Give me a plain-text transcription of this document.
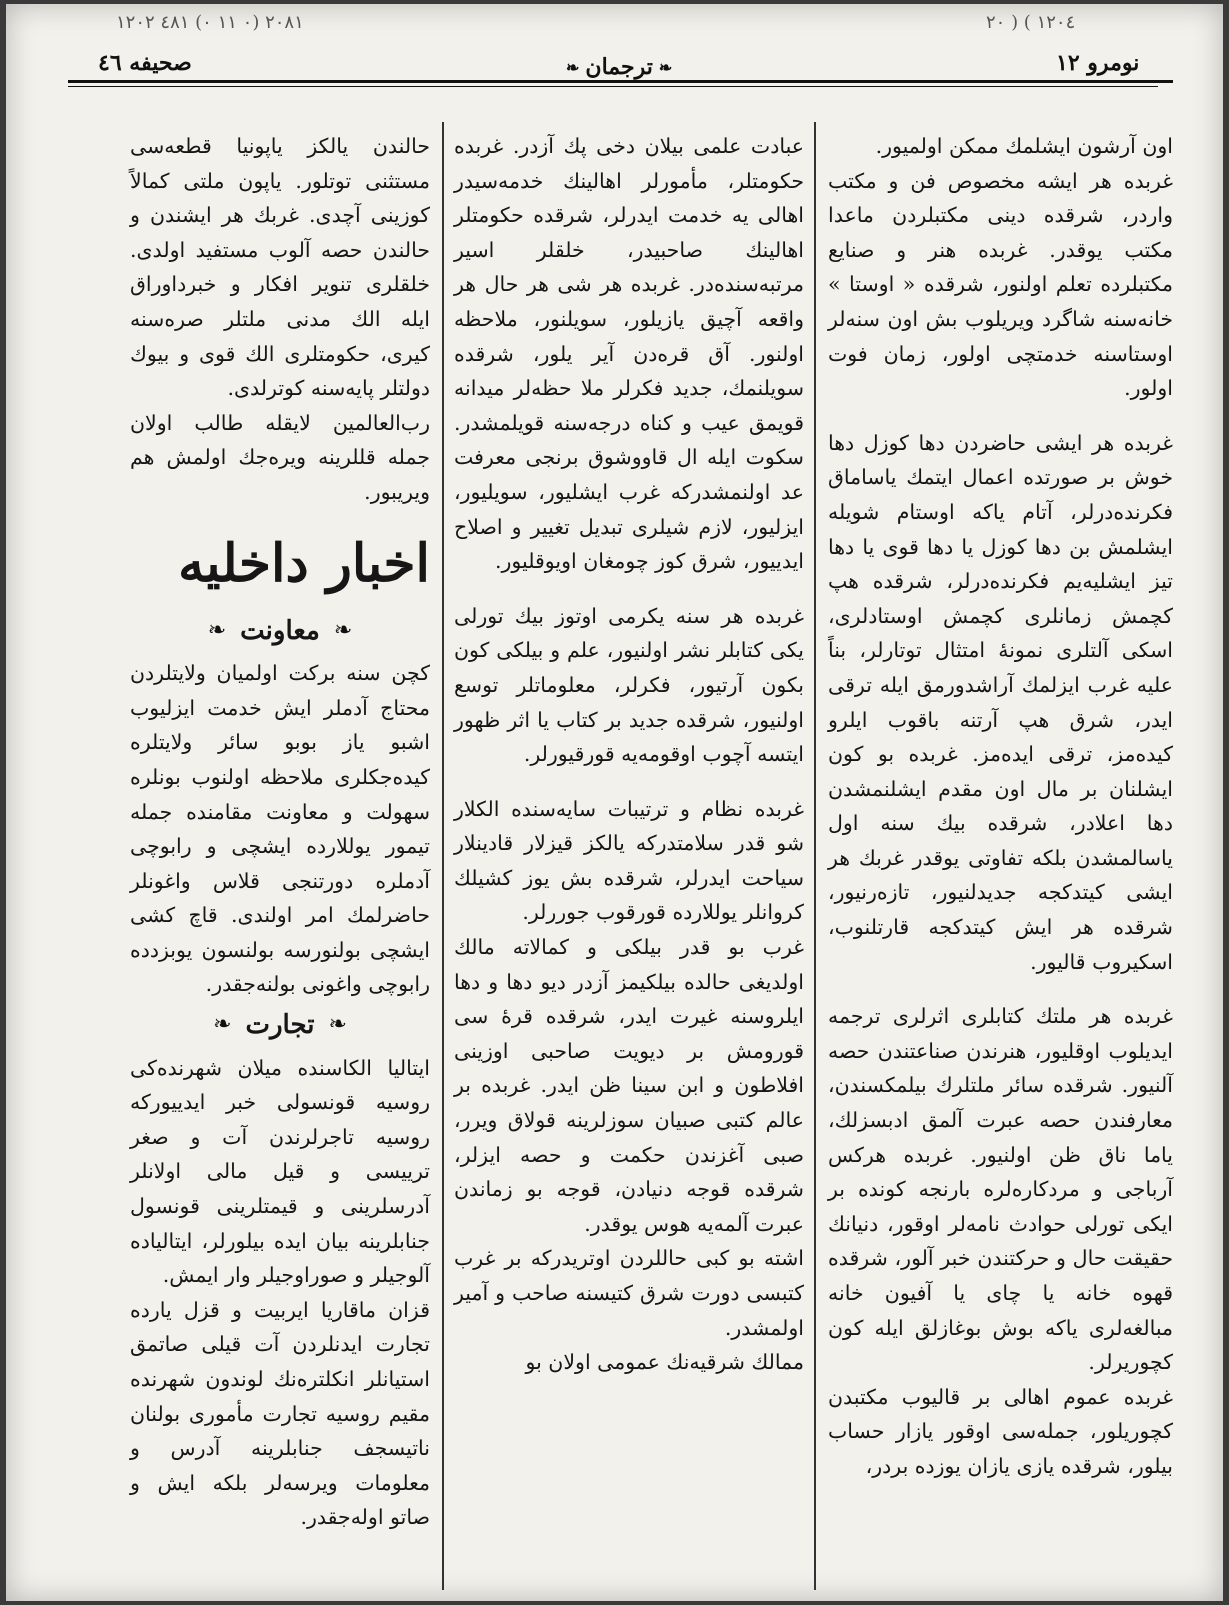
٢٠٨١ (٠ ١١ ٠) ٤٨١ ١٢٠٢	١٢٠٤ ) ( ٢٠
صحيفه ٤٦	❧
ترجمان
❧	نومرو ١٢

اون آرشون ایشلمك ممكن اولمیور.

غربده هر ایشه مخصوص فن و مكتب واردر، شرقده دینی مكتبلردن ماعدا مكتب یوقدر. غربده هنر و صنایع مكتبلرده تعلم اولنور، شرقده « اوستا » خانه‌سنه شاگرد ویریلوب بش اون سنه‌لر اوستاسنه خدمتچی اولور، زمان فوت اولور.

غربده هر ایشی حاضردن دها كوزل دها خوش بر صورتده اعمال ایتمك یاساماق فكرنده‌درلر، آتام یاكه اوستام شویله ایشلمش بن دها كوزل یا دها قوی یا دها تیز ایشلیه‌یم فكرنده‌درلر، شرقده هپ كچمش زمانلری كچمش اوستادلری، اسكی آلتلری نمونهٔ امتثال توتارلر، بناً علیه غرب ایزلمك آراشدورمق ایله ترقی ایدر، شرق هپ آرتنه باقوب ایلرو كیده‌مز، ترقی ایده‌مز. غربده بو كون ایشلنان بر مال اون مقدم ایشلنمشدن دها اعلادر، شرقده بیك سنه اول یاسالمشدن بلكه تفاوتی یوقدر غربك هر ایشی كیتدكجه جدیدلنیور، تازه‌رنیور، شرقده هر ایش كیتدكجه قارتلنوب، اسكیروب قالیور.

غربده هر ملتك كتابلری اثرلری ترجمه ایدیلوب اوقلیور، هنرندن صناعتندن حصه آلنیور. شرقده سائر ملتلرك بیلمكسندن، معارفندن حصه عبرت آلمق ادبسزلك، یاما ناق ظن اولنیور. غربده هركس آرباجی و مردكاره‌لره بارنجه كونده بر ایكی تورلی حوادث نامه‌لر اوقور، دنیانك حقیقت حال و حركتندن خبر آلور، شرقده قهوه خانه یا چای یا آفیون خانه مبالغه‌لری یاكه بوش بوغازلق ایله كون كچوریرلر.

غربده عموم اهالی بر قالیوب مكتبدن كچوریلور، جمله‌سی اوقور یازار حساب بیلور، شرقده یازی یازان یوزده بردر،

عبادت علمی بیلان دخی پك آزدر. غربده حكومتلر، مأمورلر اهالینك خدمه‌سیدر اهالی یه خدمت ایدرلر، شرقده حكومتلر اهالینك صاحبیدر، خلقلر اسیر مرتبه‌سنده‌در. غربده هر شی هر حال هر واقعه آچیق یازیلور، سویلنور، ملاحظه اولنور. آق قره‌دن آیر یلور، شرقده سویلنمك، جدید فكرلر ملا حظه‌لر میدانه قویمق عیب و كناه درجه‌سنه قویلمشدر. سكوت ایله ال قاووشوق برنجی معرفت عد اولنمشدركه غرب ایشلیور، سویلیور، ایزلیور، لازم شیلری تبدیل تغییر و اصلاح ایدییور، شرق كوز چومغان اویوقلیور.

غربده هر سنه یكرمی اوتوز بیك تورلی یكی كتابلر نشر اولنیور، علم و بیلكی كون بكون آرتیور، فكرلر، معلوماتلر توسع اولنیور، شرقده جدید بر كتاب یا اثر ظهور ایتسه آچوب اوقومه‌یه قورقیورلر.

غربده نظام و ترتیبات سایه‌سنده الكلار شو قدر سلامتدركه یالكز قیزلار قادینلار سیاحت ایدرلر، شرقده بش یوز كشیلك كروانلر یوللارده قورقوب جوررلر.

غرب بو قدر بیلكی و كمالاته مالك اولدیغی حالده بیلكیمز آزدر دیو دها و دها ایلرو‌سنه غیرت ایدر، شرقده قرهٔ سی قورومش بر دیویت صاحبی اوزینی افلاطون و ابن سینا ظن ایدر. غربده بر عالم كتبی صبیان سوزلرینه قولاق ویرر، صبی آغزندن حكمت و حصه ایزلر، شرقده قوجه دنیادن، قوجه بو زماندن عبرت آلمه‌یه هوس یوقدر.

اشته بو كبی حاللردن اوتریدركه بر غرب كتبسی دورت شرق كتیسنه صاحب و آمیر اولمشدر.

ممالك شرقیه‌نك عمومی اولان بو

حالندن یالكز یاپونیا قطعه‌سی مستثنی توتلور. یاپون ملتی كمالاً كوزینی آچدی. غربك هر ایشندن و حالندن حصه آلوب مستفید اولدی. خلقلری تنویر افكار و خبرداوراق ایله الك مدنی ملتلر صره‌سنه كیری، حكومتلری الك قوی و بیوك دولتلر پایه‌سنه كوترلدی.

رب‌العالمین لایقله طالب اولان جمله قللرینه ویره‌جك اولمش هم ویریبور.

اخبار داخلیه
❧
معاونت
❧

كچن سنه بركت اولمیان ولایتلردن محتاج آدملر ایش خدمت ایزلیوب اشبو یاز بوبو سائر ولایتلره كیده‌جكلری ملاحظه اولنوب بونلره سهولت و معاونت مقامنده جمله تیمور یوللارده ایشچی و رابوچی آدملره دورتنجی قلاس واغونلر حاضرلمك امر اولندی. قاچ كشی ایشچی بولنورسه بولنسون یوبزدده رابوچی واغونی بولنه‌جقدر.

❧
تجارت
❧

ایتالیا الكاسنده میلان شهرنده‌كی روسیه قونسولی خبر ایدییوركه روسیه تاجرلرندن آت و صغر ترییسی و قیل مالی اولانلر آدرسلرینی و قیمتلرینی قونسول جنابلرینه بیان ایده بیلورلر، ایتالیاده آلوجیلر و صوراوجیلر وار ایمش.

قزان ماقاریا ایربیت و قزل یارده تجارت ایدنلردن آت قیلی صاتمق استیانلر انكلتره‌نك لوندون شهرنده مقیم روسیه تجارت مأموری بولنان ناتیسجف جنابلرینه آدرس و معلومات ویرسه‌لر بلكه ایش و صاتو اوله‌جقدر.
